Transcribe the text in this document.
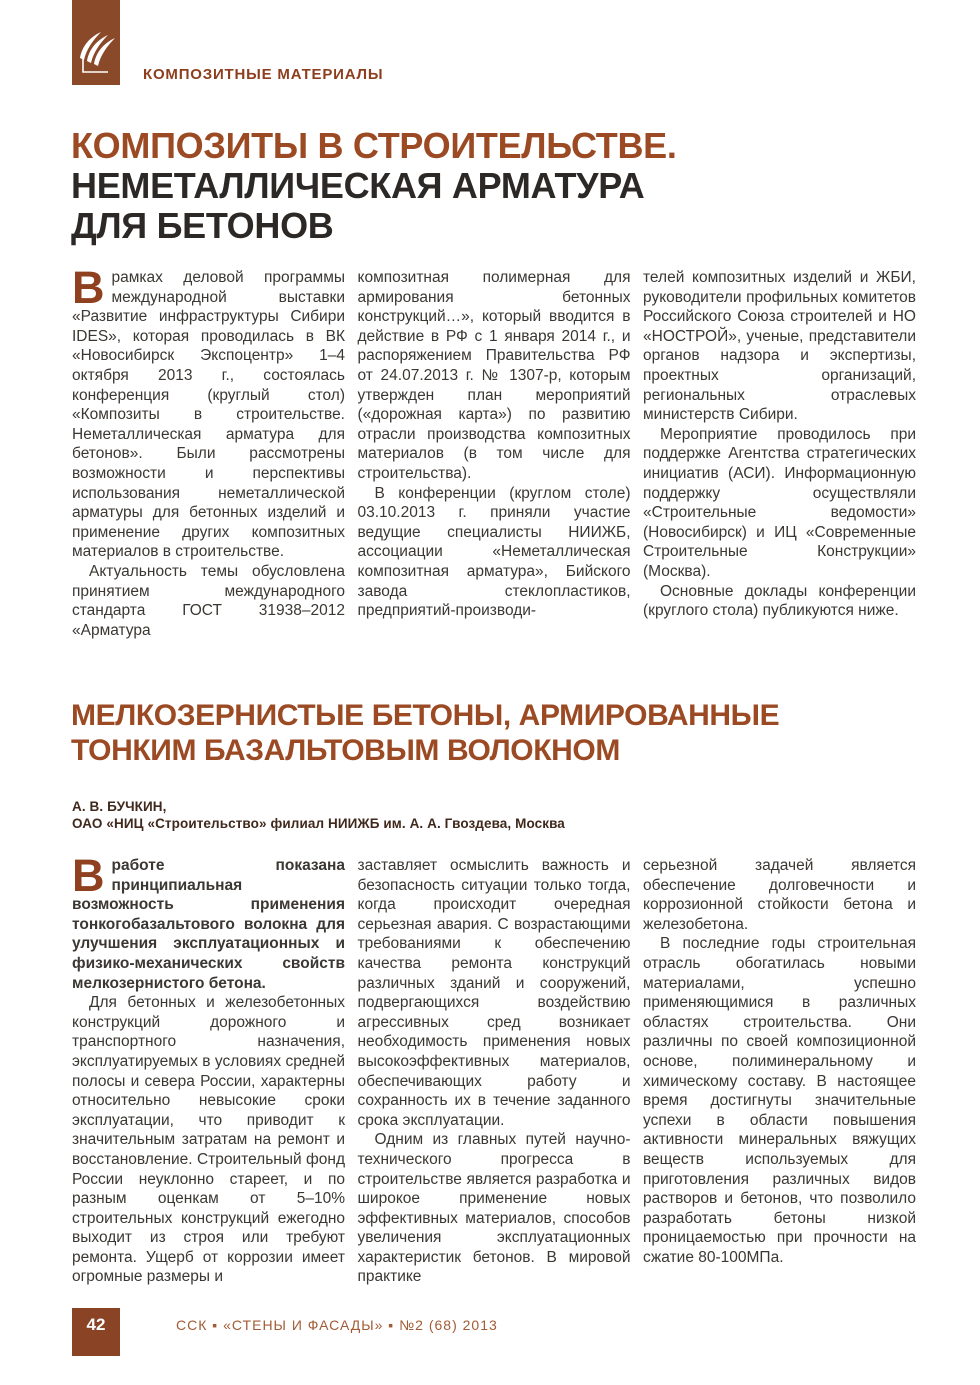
КОМПОЗИТНЫЕ МАТЕРИАЛЫ
КОМПОЗИТЫ В СТРОИТЕЛЬСТВЕ.
НЕМЕТАЛЛИЧЕСКАЯ АРМАТУРА
ДЛЯ БЕТОНОВ

Врамках деловой программы международной выставки «Развитие инфраструктуры Сибири IDES», которая проводилась в ВК «Новосибирск Экспоцентр» 1–4 октября 2013 г., состоялась конференция (круглый стол) «Композиты в строительстве. Неметаллическая арматура для бетонов». Были рассмотрены возможности и перспективы использования неметаллической арматуры для бетонных изделий и применение других композитных материалов в строительстве.

Актуальность темы обусловлена принятием международного стандарта ГОСТ 31938–2012 «Арматура

композитная полимерная для армирования бетонных конструкций…», который вводится в действие в РФ с 1 января 2014 г., и распоряжением Правительства РФ от 24.07.2013 г. № 1307-р, которым утвержден план мероприятий («дорожная карта») по развитию отрасли производства композитных материалов (в том числе для строительства).

В конференции (круглом столе) 03.10.2013 г. приняли участие ведущие специалисты НИИЖБ, ассоциации «Неметаллическая композитная арматура», Бийского завода стеклопластиков, предприятий-производи-

телей композитных изделий и ЖБИ, руководители профильных комитетов Российского Союза строителей и НО «НОСТРОЙ», ученые, представители органов надзора и экспертизы, проектных организаций, региональных отраслевых министерств Сибири.

Мероприятие проводилось при поддержке Агентства стратегических инициатив (АСИ). Информационную поддержку осуществляли «Строительные ведомости» (Новосибирск) и ИЦ «Современные Строительные Конструкции» (Москва).

Основные доклады конференции (круглого стола) публикуются ниже.

МЕЛКОЗЕРНИСТЫЕ БЕТОНЫ, АРМИРОВАННЫЕ
ТОНКИМ БАЗАЛЬТОВЫМ ВОЛОКНОМ
А. В. БУЧКИН,
ОАО «НИЦ «Строительство» филиал НИИЖБ им. А. А. Гвоздева, Москва

Вработе показана принципиальная возможность применения тонкогобазальтового волокна для улучшения эксплуатационных и физико-механических свойств мелкозернистого бетона.

Для бетонных и железобетонных конструкций дорожного и транспортного назначения, эксплуатируемых в условиях средней полосы и севера России, характерны относительно невысокие сроки эксплуатации, что приводит к значительным затратам на ремонт и восстановление. Строительный фонд России неуклонно стареет, и по разным оценкам от 5–10% строительных конструкций ежегодно выходит из строя или требуют ремонта. Ущерб от коррозии имеет огромные размеры и

заставляет осмыслить важность и безопасность ситуации только тогда, когда происходит очередная серьезная авария. С возрастающими требованиями к обеспечению качества ремонта конструкций различных зданий и сооружений, подвергающихся воздействию агрессивных сред возникает необходимость применения новых высокоэффективных материалов, обеспечивающих работу и сохранность их в течение заданного срока эксплуатации.

Одним из главных путей научно-технического прогресса в строительстве является разработка и широкое применение новых эффективных материалов, способов увеличения эксплуатационных характеристик бетонов. В мировой практике

серьезной задачей является обеспечение долговечности и коррозионной стойкости бетона и железобетона.

В последние годы строительная отрасль обогатилась новыми материалами, успешно применяющимися в различных областях строительства. Они различны по своей композиционной основе, полиминеральному и химическому составу. В настоящее время достигнуты значительные успехи в области повышения активности минеральных вяжущих веществ используемых для приготовления различных видов растворов и бетонов, что позволило разработать бетоны низкой проницаемостью при прочности на сжатие 80-100МПа.

42	ССК ▪ «СТЕНЫ И ФАСАДЫ» ▪ №2 (68) 2013
